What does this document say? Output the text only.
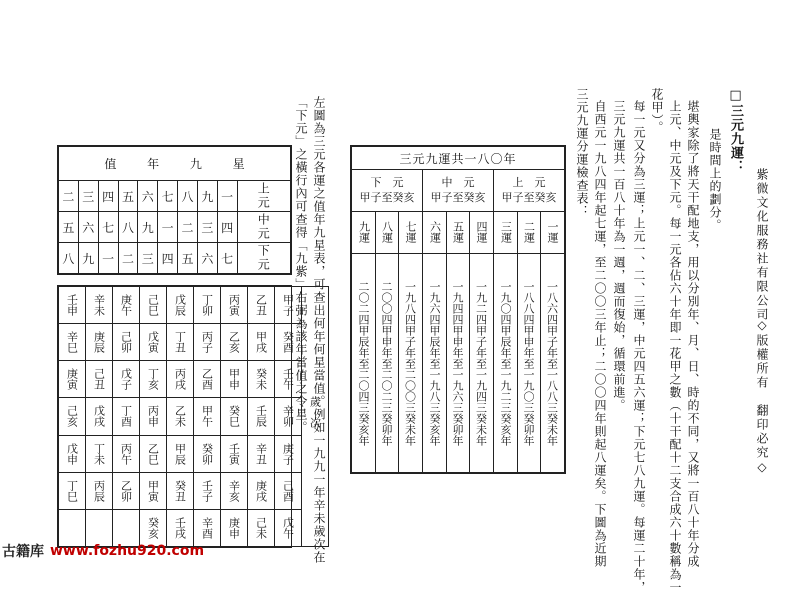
紫微文化服務社有限公司
◇版權所有　翻印必究◇
□三元九運：
是時間上的劃分。
堪輿家除了將天干配地支，用以分別年、月、日、時的不同，又將一百八十年分成
上元、中元及下元。每一元各佔六十年即一花甲之數（十干配十二支合成六十數稱為一
花甲）。
每一元又分為三運；上元一、二、三運，中元四五六運；下元七八九運。每運二十年，
三元九運共一百八十年為一週，週而復始，循環前進。
自西元一九八四年起七運，至二〇〇三年止；二〇〇四年則起八運矣。下圖為近期
三元九運分運檢查表：
三元九運共一八〇年
下　元
甲子至癸亥
九運 八運 七運
二〇二四甲辰年至二〇四三癸亥年 二〇〇四甲申年至二〇二三癸卯年 一九八四甲子年至二〇〇三癸未年
中　元
甲子至癸亥
六運 五運 四運
一九六四甲辰年至一九八三癸亥年 一九四四甲申年至一九六三癸卯年 一九二四甲子年至一九四三癸未年
上　元
甲子至癸亥
三運 二運 一運
一九〇四甲辰年至一九二三癸亥年 一八八四甲申年至一九〇三癸卯年 一八六四甲子年至一八八三癸未年
左圖為三元各運之值年九星表，可查出何年何星當值。例如一九九一年辛未歲次在
「下元」之橫行內可查得「九紫」右弼為該年當值之令星。
值 年 九 星									

二	三	四	五	六	七	八	九	一	上元
五	六	七	八	九	一	二	三	四	中元
八	九	一	二	三	四	五	六	七	下元
壬申	辛未	庚午	己巳	戊辰	丁卯	丙寅	乙丑	甲子	歲次
辛巳	庚辰	己卯	戊寅	丁丑	丙子	乙亥	甲戌	癸酉	
庚寅	己丑	戊子	丁亥	丙戌	乙酉	甲申	癸未	壬午	
己亥	戊戌	丁酉	丙申	乙未	甲午	癸巳	壬辰	辛卯	
戊申	丁未	丙午	乙巳	甲辰	癸卯	壬寅	辛丑	庚子	
丁巳	丙辰	乙卯	甲寅	癸丑	壬子	辛亥	庚戌	己酉	
			癸亥	壬戌	辛酉	庚申	己未	戊午	
古籍库 www.fozhu920.com
